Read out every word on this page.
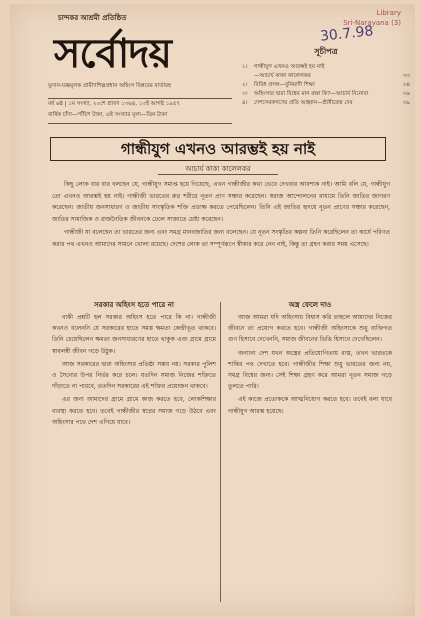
চান্দকর আশ্রমী প্রতিষ্ঠিত	Library
Sri-Narayana (3)
30.7.98
সর্বোদয়
ভুদান-যজ্ঞমূলক গ্রামীণশিল্পপ্রধান অহিংস বিপ্লবের বার্তাবহ
বর্ষ ৬ষ্ঠ | ১ম সংখ্যা, ২০শে শ্রাবণ ১৩৬৪, ১৩ই আগষ্ট ১৯৫৭
বার্ষিক চাঁদা—পাঁচিশ টাকা, এই সংখ্যার মূল্য—তিন টাকা
সূচীপত্র
১।	গান্ধীযুগ এখনও আরম্ভই হয় নাই
—আচার্য কাকা কালেলকর	৩৩
২।	বিবিধ প্রসঙ্গ—বুনিয়াদী শিক্ষা	৩৪
৩।	অহিংসার দ্বারা বিশ্বের মান রক্ষা কি?—আচার্য বিনোবা	৩৬
৪।	দেশসেবকগণের প্রতি আহ্বান—শ্রীধীরেন্দ্র দেব	৩৯
গান্ধীযুগ এখনও আরম্ভই হয় নাই
আচার্য কাকা কালেলকর

কিছু লোক বার বার বলছেন যে, গান্ধীযুগ সমাপ্ত হয়ে গিয়েছে, এখন গান্ধীজীর কথা ভেবে দেখবার আবশ্যক নাই। আমি বলি যে, গান্ধীযুগ তো এখনও আরম্ভই হয় নাই। গান্ধীজী ভারতের রুগ্ন শরীরে নূতন প্রাণ সঞ্চার করেছেন। স্বরাজ আন্দোলনের মাধ্যমে তিনি জাতির জাগরণ করেছেন। জাতীয় জনসাধারণ ও জাতীয় সাংস্কৃতিক শক্তি প্রত্যক্ষ করতে পেরেছিলেন। তিনি এই জাতির হৃদয়ে নূতন প্রাণের সঞ্চার করেছেন, জাতির সামাজিক ও রাজনৈতিক জীবনকে ঢেলে সাজাতে চেষ্টা করেছেন।

গান্ধীজী যা বলেছেন তা ভারতের জন্য এবং সমগ্র মানবজাতির জন্য বলেছেন। যে নূতন সংস্কৃতির কল্পনা তিনি করেছিলেন তা কার্যে পরিণত করার পথ এখনও আমাদের সামনে খোলা রয়েছে। দেশের লোক তা সম্পূর্ণরূপে স্বীকার করে নেন নাই, কিন্তু তা গ্রহণ করার সময় এসেছে।

সরকার অহিংস হতে পারে না

বাকী প্রশ্নটি হল সরকার অহিংস হতে পারে কি না। গান্ধীজী কখনও বলেননি যে সরকারের হাতে সমস্ত ক্ষমতা কেন্দ্রীভূত থাকবে। তিনি চেয়েছিলেন ক্ষমতা জনসাধারণের হাতে থাকুক এবং গ্রামে গ্রামে স্বাবলম্বী জীবন গড়ে উঠুক।

আজ সরকারের দ্বারা অহিংসার প্রতিষ্ঠা সম্ভব নয়। সরকার পুলিশ ও সৈন্যের উপর নির্ভর করে চলে। যতদিন সমাজ নিজের শক্তিতে দাঁড়াতে না পারবে, ততদিন সরকারের এই শক্তির প্রয়োজন থাকবে।

এর জন্য আমাদের গ্রামে গ্রামে কাজ করতে হবে, লোকশিক্ষার ব্যবস্থা করতে হবে। তবেই গান্ধীজীর স্বপ্নের সমাজ গড়ে উঠবে এবং অহিংসার পথে দেশ এগিয়ে যাবে।

অস্ত্র ফেলে দাও

আজ আমরা যদি অহিংসায় বিশ্বাস করি তাহলে আমাদের নিজের জীবনে তা প্রয়োগ করতে হবে। গান্ধীজী অহিংসাকে শুধু ব্যক্তিগত গুণ হিসাবে দেখেননি, সমাজ জীবনের ভিত্তি হিসাবে দেখেছিলেন।

অন্যান্য দেশ যখন অস্ত্রের প্রতিযোগিতায় ব্যস্ত, তখন ভারতকে শান্তির পথ দেখাতে হবে। গান্ধীজীর শিক্ষা শুধু ভারতের জন্য নয়, সমগ্র বিশ্বের জন্য। সেই শিক্ষা গ্রহণ করে আমরা নূতন সমাজ গড়ে তুলতে পারি।

এই কাজে প্রত্যেককে আত্মনিয়োগ করতে হবে। তবেই বলা যাবে গান্ধীযুগ আরম্ভ হয়েছে।
